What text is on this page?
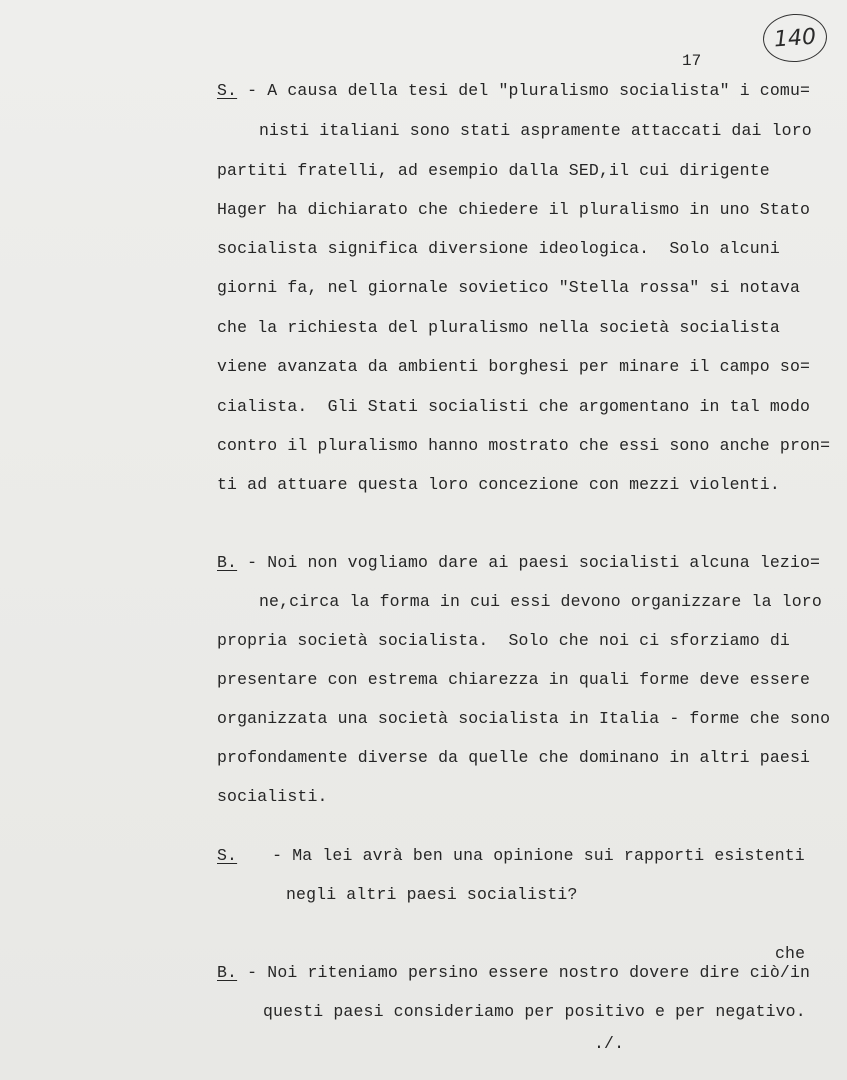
140
17
S. - A causa della tesi del "pluralismo socialista" i comu=
nisti italiani sono stati aspramente attaccati dai loro
partiti fratelli, ad esempio dalla SED,il cui dirigente
Hager ha dichiarato che chiedere il pluralismo in uno Stato
socialista significa diversione ideologica.  Solo alcuni
giorni fa, nel giornale sovietico "Stella rossa" si notava
che la richiesta del pluralismo nella società socialista
viene avanzata da ambienti borghesi per minare il campo so=
cialista.  Gli Stati socialisti che argomentano in tal modo
contro il pluralismo hanno mostrato che essi sono anche pron=
ti ad attuare questa loro concezione con mezzi violenti.
B. - Noi non vogliamo dare ai paesi socialisti alcuna lezio=
ne,circa la forma in cui essi devono organizzare la loro
propria società socialista.  Solo che noi ci sforziamo di
presentare con estrema chiarezza in quali forme deve essere
organizzata una società socialista in Italia - forme che sono
profondamente diverse da quelle che dominano in altri paesi
socialisti.
S. - Ma lei avrà ben una opinione sui rapporti esistenti
negli altri paesi socialisti?
che
B. - Noi riteniamo persino essere nostro dovere dire ciò/in
questi paesi consideriamo per positivo e per negativo.
./.
